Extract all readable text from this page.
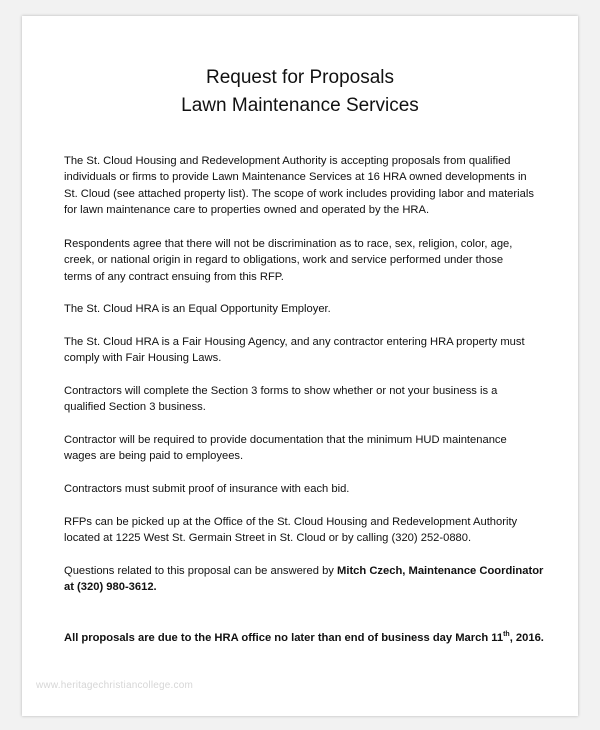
Request for Proposals
Lawn Maintenance Services
The St. Cloud Housing and Redevelopment Authority is accepting proposals from qualified
individuals or firms to provide Lawn Maintenance Services at 16 HRA owned developments in
St. Cloud (see attached property list). The scope of work includes providing labor and materials
for lawn maintenance care to properties owned and operated by the HRA.
Respondents agree that there will not be discrimination as to race, sex, religion, color, age,
creek, or national origin in regard to obligations, work and service performed under those
terms of any contract ensuing from this RFP.
The St. Cloud HRA is an Equal Opportunity Employer.
The St. Cloud HRA is a Fair Housing Agency, and any contractor entering HRA property must
comply with Fair Housing Laws.
Contractors will complete the Section 3 forms to show whether or not your business is a
qualified Section 3 business.
Contractor will be required to provide documentation that the minimum HUD maintenance
wages are being paid to employees.
Contractors must submit proof of insurance with each bid.
RFPs can be picked up at the Office of the St. Cloud Housing and Redevelopment Authority
located at 1225 West St. Germain Street in St. Cloud or by calling (320) 252-0880.
Questions related to this proposal can be answered by Mitch Czech, Maintenance Coordinator
at (320) 980-3612.
All proposals are due to the HRA office no later than end of business day March 11th, 2016.
www.heritagechristiancollege.com
